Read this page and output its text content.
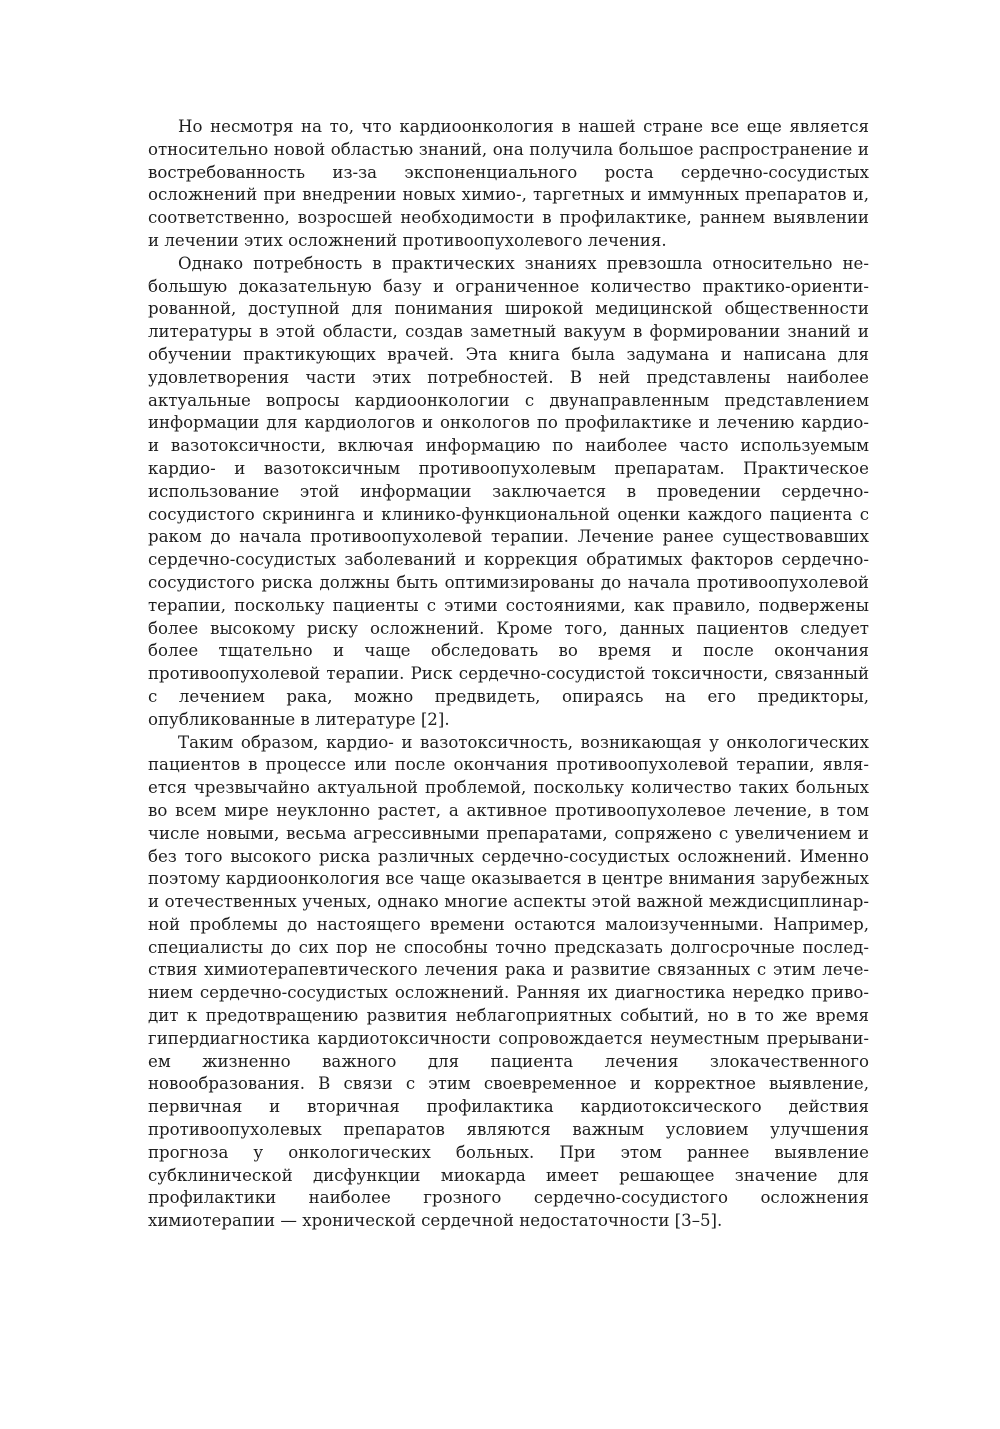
Но несмотря на то, что кардиоонкология в нашей стране все еще является относительно новой областью знаний, она получила большое распространение и востребованность из-за экспоненциального роста сердечно-сосудистых осложнений при внедрении новых химио-, таргетных и иммунных препаратов и, соответственно, возросшей необходимости в профилактике, раннем выявлении и лечении этих осложнений противоопухолевого лечения.

Однако потребность в практических знаниях превзошла относительно небольшую доказательную базу и ограниченное количество практико-ориентированной, доступной для понимания широкой медицинской общественности литературы в этой области, создав заметный вакуум в формировании знаний и обучении практикующих врачей. Эта книга была задумана и написана для удовлетворения части этих потребностей. В ней представлены наиболее актуальные вопросы кардиоонкологии с двунаправленным представлением информации для кардиологов и онкологов по профилактике и лечению кардио- и вазотоксичности, включая информацию по наиболее часто используемым кардио- и вазотоксичным противоопухолевым препаратам. Практическое использование этой информации заключается в проведении сердечно-сосудистого скрининга и клинико-функциональной оценки каждого пациента с раком до начала противоопухолевой терапии. Лечение ранее существовавших сердечно-сосудистых заболеваний и коррекция обратимых факторов сердечно-сосудистого риска должны быть оптимизированы до начала противоопухолевой терапии, поскольку пациенты с этими состояниями, как правило, подвержены более высокому риску осложнений. Кроме того, данных пациентов следует более тщательно и чаще обследовать во время и после окончания противоопухолевой терапии. Риск сердечно-сосудистой токсичности, связанный с лечением рака, можно предвидеть, опираясь на его предикторы, опубликованные в литературе [2].

Таким образом, кардио- и вазотоксичность, возникающая у онкологических пациентов в процессе или после окончания противоопухолевой терапии, является чрезвычайно актуальной проблемой, поскольку количество таких больных во всем мире неуклонно растет, а активное противоопухолевое лечение, в том числе новыми, весьма агрессивными препаратами, сопряжено с увеличением и без того высокого риска различных сердечно-сосудистых осложнений. Именно поэтому кардиоонкология все чаще оказывается в центре внимания зарубежных и отечественных ученых, однако многие аспекты этой важной междисциплинарной проблемы до настоящего времени остаются малоизученными. Например, специалисты до сих пор не способны точно предсказать долгосрочные последствия химиотерапевтического лечения рака и развитие связанных с этим лечением сердечно-сосудистых осложнений. Ранняя их диагностика нередко приводит к предотвращению развития неблагоприятных событий, но в то же время гипердиагностика кардиотоксичности сопровождается неуместным прерыванием жизненно важного для пациента лечения злокачественного новообразования. В связи с этим своевременное и корректное выявление, первичная и вторичная профилактика кардиотоксического действия противоопухолевых препаратов являются важным условием улучшения прогноза у онкологических больных. При этом раннее выявление субклинической дисфункции миокарда имеет решающее значение для профилактики наиболее грозного сердечно-сосудистого осложнения химиотерапии — хронической сердечной недостаточности [3–5].
